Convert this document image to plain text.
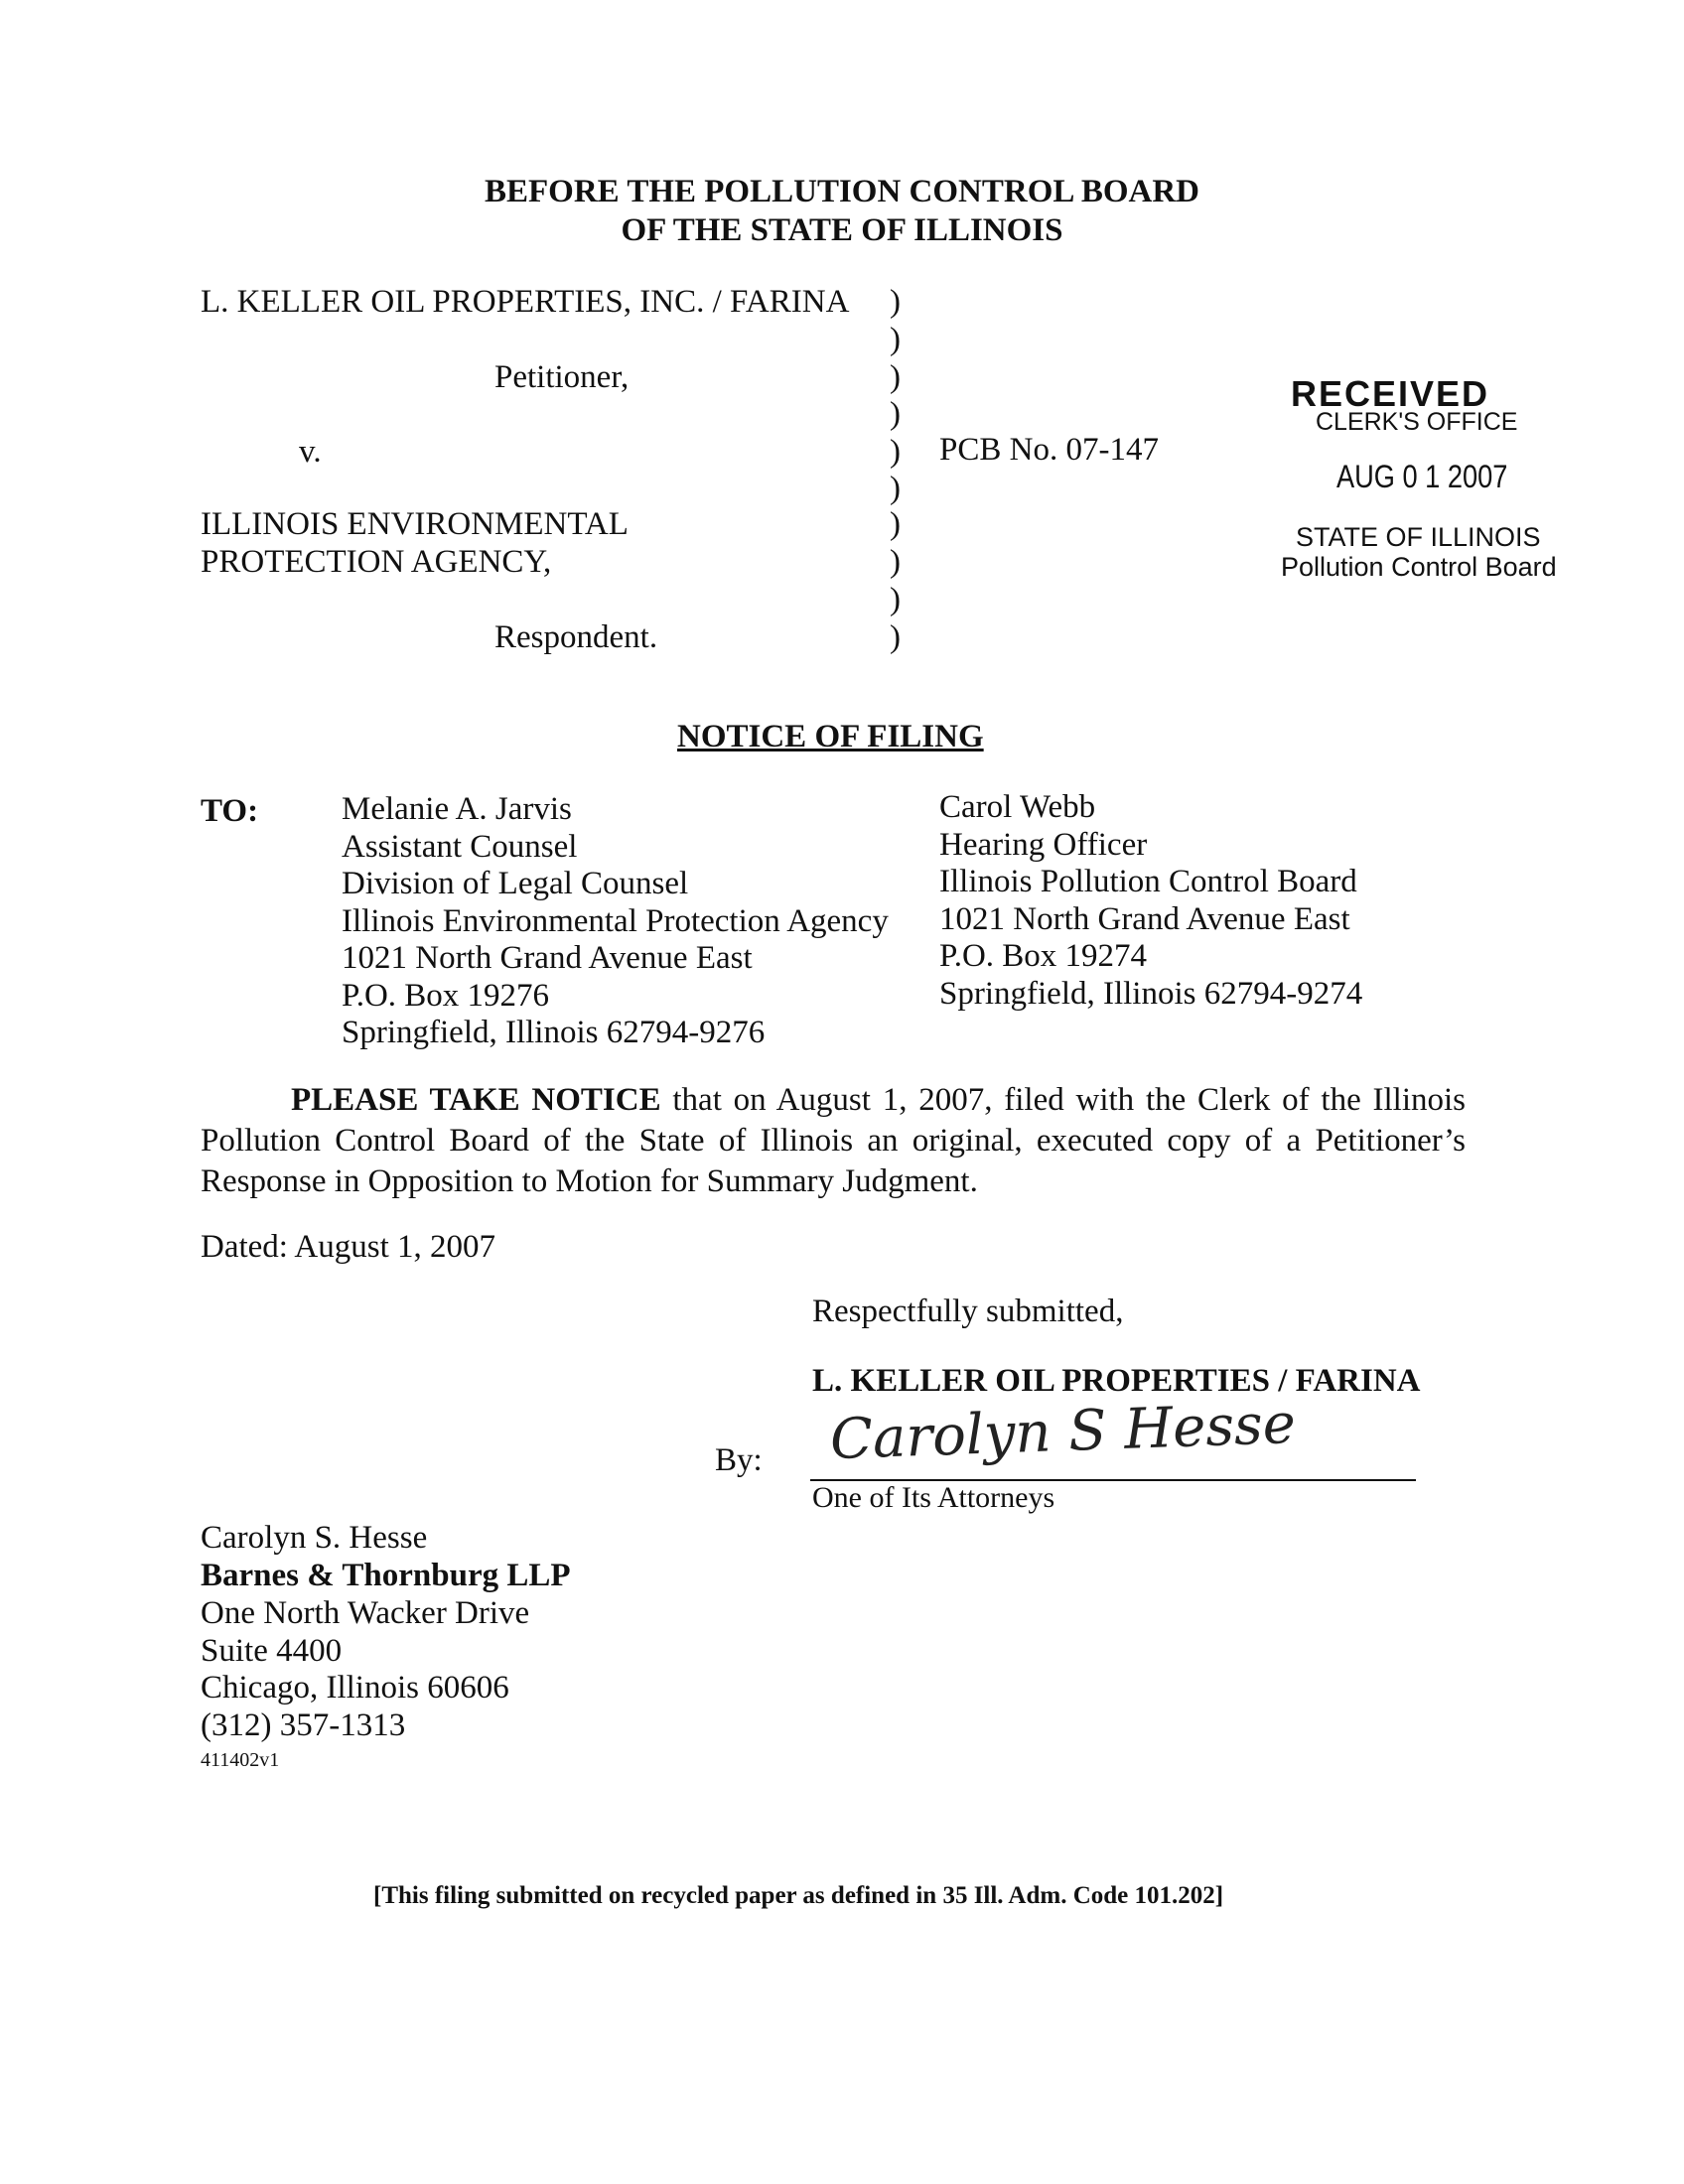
BEFORE THE POLLUTION CONTROL BOARD
OF THE STATE OF ILLINOIS
L. KELLER OIL PROPERTIES, INC. / FARINA
Petitioner,
v.
ILLINOIS ENVIRONMENTAL
PROTECTION AGENCY,
Respondent.
)
)
)
)
)
)
)
)
)
)
PCB No. 07-147
RECEIVED
CLERK'S OFFICE
AUG 0 1 2007
STATE OF ILLINOIS
Pollution Control Board
NOTICE OF FILING
TO:	Melanie A. Jarvis
Assistant Counsel
Division of Legal Counsel
Illinois Environmental Protection Agency
1021 North Grand Avenue East
P.O. Box 19276
Springfield, Illinois 62794-9276
Carol Webb
Hearing Officer
Illinois Pollution Control Board
1021 North Grand Avenue East
P.O. Box 19274
Springfield, Illinois 62794-9274
PLEASE TAKE NOTICE that on August 1, 2007, filed with the Clerk of the Illinois Pollution Control Board of the State of Illinois an original, executed copy of a Petitioner’s Response in Opposition to Motion for Summary Judgment.
Dated: August 1, 2007
Respectfully submitted,
L. KELLER OIL PROPERTIES / FARINA
By: Carolyn S Hesse
One of Its Attorneys
Carolyn S. Hesse
Barnes & Thornburg LLP
One North Wacker Drive
Suite 4400
Chicago, Illinois 60606
(312) 357-1313
411402v1
[This filing submitted on recycled paper as defined in 35 Ill. Adm. Code 101.202]
